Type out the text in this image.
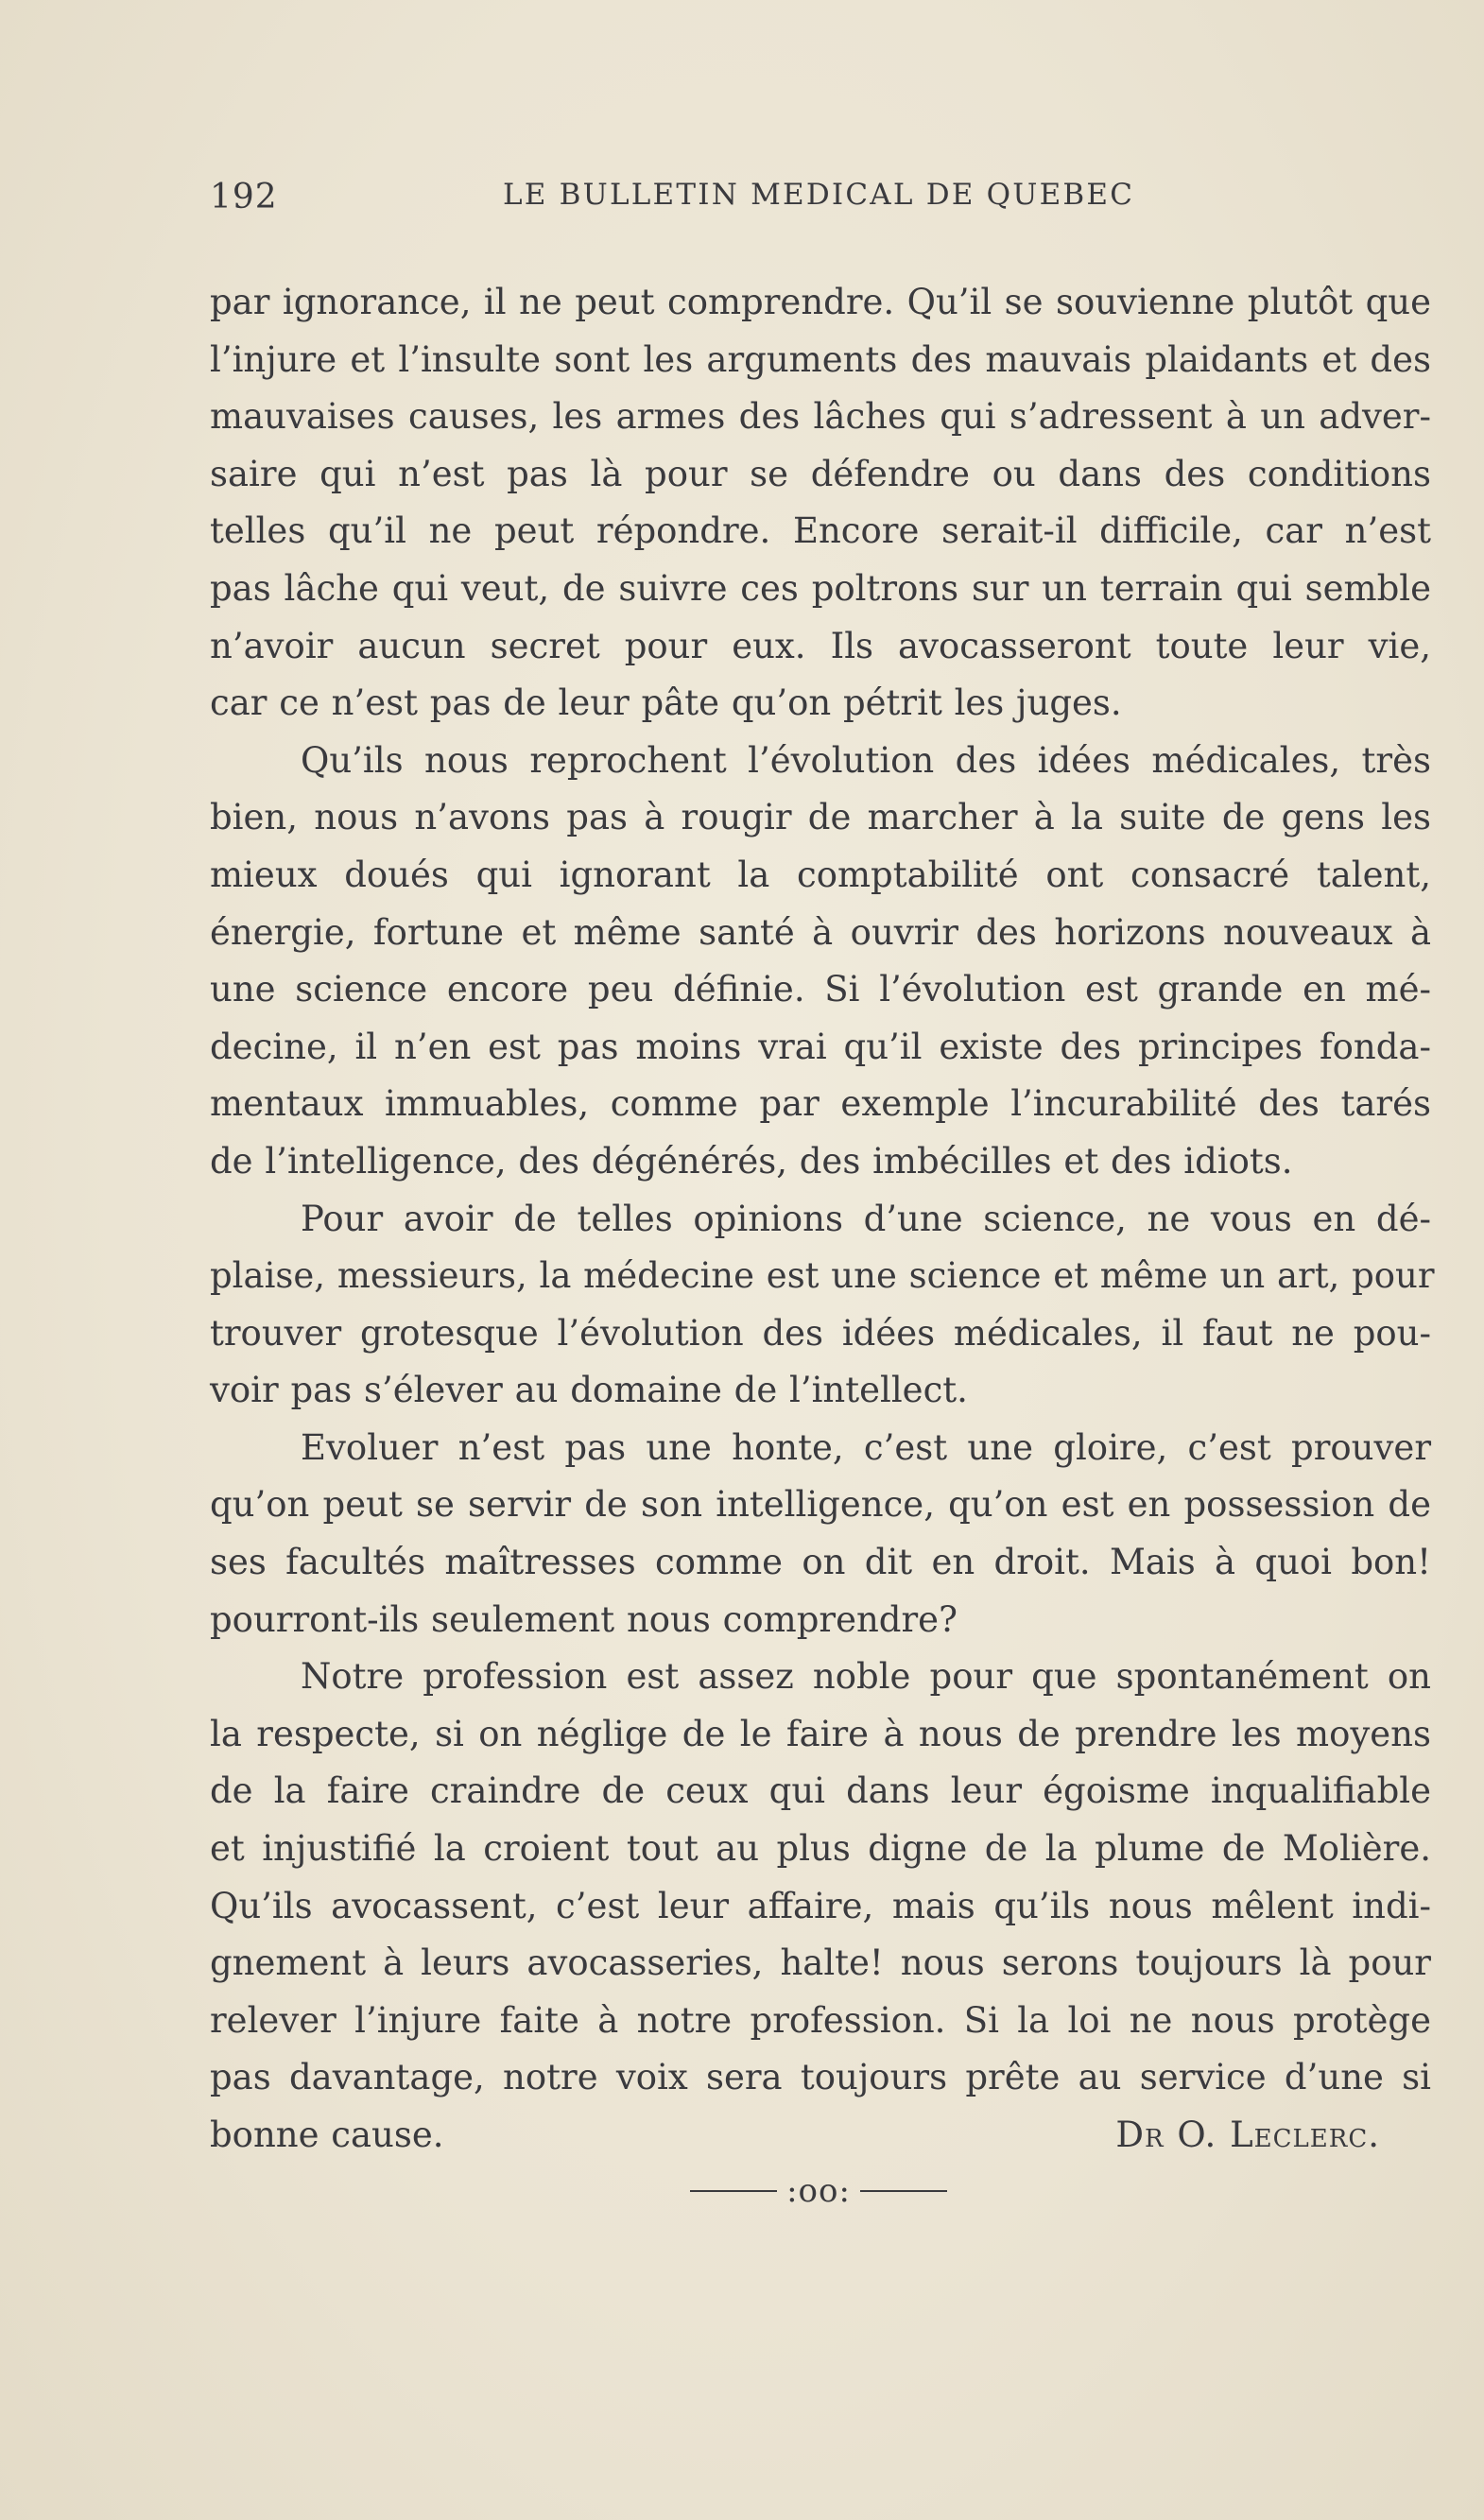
192	LE BULLETIN MEDICAL DE QUEBEC
par ignorance, il ne peut comprendre. Qu’il se souvienne plutôt que
l’injure et l’insulte sont les arguments des mauvais plaidants et des
mauvaises causes, les armes des lâches qui s’adressent à un adver-
saire qui n’est pas là pour se défendre ou dans des conditions
telles qu’il ne peut répondre. Encore serait-il difficile, car n’est
pas lâche qui veut, de suivre ces poltrons sur un terrain qui semble
n’avoir aucun secret pour eux. Ils avocasseront toute leur vie,
car ce n’est pas de leur pâte qu’on pétrit les juges.
Qu’ils nous reprochent l’évolution des idées médicales, très
bien, nous n’avons pas à rougir de marcher à la suite de gens les
mieux doués qui ignorant la comptabilité ont consacré talent,
énergie, fortune et même santé à ouvrir des horizons nouveaux à
une science encore peu définie. Si l’évolution est grande en mé-
decine, il n’en est pas moins vrai qu’il existe des principes fonda-
mentaux immuables, comme par exemple l’incurabilité des tarés
de l’intelligence, des dégénérés, des imbécilles et des idiots.
Pour avoir de telles opinions d’une science, ne vous en dé-
plaise, messieurs, la médecine est une science et même un art, pour
trouver grotesque l’évolution des idées médicales, il faut ne pou-
voir pas s’élever au domaine de l’intellect.
Evoluer n’est pas une honte, c’est une gloire, c’est prouver
qu’on peut se servir de son intelligence, qu’on est en possession de
ses facultés maîtresses comme on dit en droit. Mais à quoi bon!
pourront-ils seulement nous comprendre?
Notre profession est assez noble pour que spontanément on
la respecte, si on néglige de le faire à nous de prendre les moyens
de la faire craindre de ceux qui dans leur égoisme inqualifiable
et injustifié la croient tout au plus digne de la plume de Molière.
Qu’ils avocassent, c’est leur affaire, mais qu’ils nous mêlent indi-
gnement à leurs avocasseries, halte! nous serons toujours là pour
relever l’injure faite à notre profession. Si la loi ne nous protège
pas davantage, notre voix sera toujours prête au service d’une si
bonne cause.	Dr O. Leclerc.
:oo:
